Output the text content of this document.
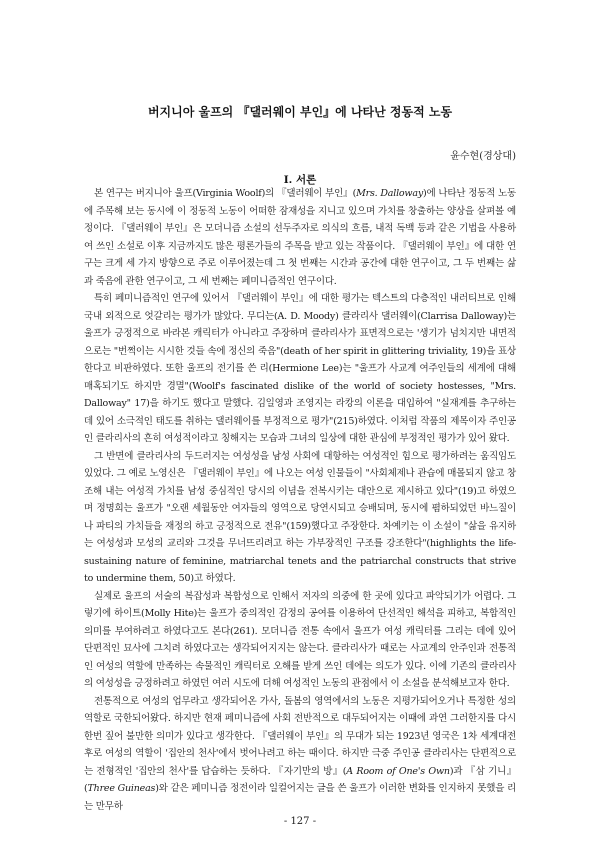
버지니아 울프의 『댈러웨이 부인』에 나타난 정동적 노동
윤수현(경상대)
I. 서론

본 연구는 버지니아 울프(Virginia Woolf)의 『댈러웨이 부인』(Mrs. Dalloway)에 나타난 정동적 노동에 주목해 보는 동시에 이 정동적 노동이 어떠한 잠재성을 지니고 있으며 가치를 창출하는 양상을 살펴볼 예정이다. 『댈러웨이 부인』은 모더니즘 소설의 선두주자로 의식의 흐름, 내적 독백 등과 같은 기법을 사용하여 쓰인 소설로 이후 지금까지도 많은 평론가들의 주목을 받고 있는 작품이다. 『댈러웨이 부인』에 대한 연구는 크게 세 가지 방향으로 주로 이루어졌는데 그 첫 번째는 시간과 공간에 대한 연구이고, 그 두 번째는 삶과 죽음에 관한 연구이고, 그 세 번째는 페미니즘적인 연구이다.

특히 페미니즘적인 연구에 있어서 『댈러웨이 부인』에 대한 평가는 텍스트의 다층적인 내러티브로 인해 국내 외적으로 엇갈리는 평가가 많았다. 무디는(A. D. Moody) 클라리사 댈러웨이(Clarrisa Dalloway)는 울프가 긍정적으로 바라본 캐릭터가 아니라고 주장하며 클라리사가 표면적으로는 '생기가 넘치지만 내면적으로는 "번쩍이는 시시한 것들 속에 정신의 죽음"(death of her spirit in glittering triviality, 19)을 표상한다고 비판하였다. 또한 울프의 전기를 쓴 리(Hermione Lee)는 "울프가 사교계 여주인들의 세계에 대해 매혹되기도 하지만 경멸"(Woolf's fascinated dislike of the world of society hostesses, "Mrs. Dalloway" 17)을 하기도 했다고 말했다. 김일영과 조영지는 라캉의 이론을 대입하여 "실재계를 추구하는데 있어 소극적인 태도를 취하는 댈러웨이를 부정적으로 평가"(215)하였다. 이처럼 작품의 제목이자 주인공인 클라리사의 흔히 여성적이라고 칭해지는 모습과 그녀의 일상에 대한 관심에 부정적인 평가가 있어 왔다.

그 반면에 클라리사의 두드러지는 여성성을 남성 사회에 대항하는 여성적인 힘으로 평가하려는 움직임도 있었다. 그 예로 노영신은 『댈러웨이 부인』에 나오는 여성 인물들이 "사회체제나 관습에 매몰되지 않고 창조해 내는 여성적 가치를 남성 중심적인 당시의 이념을 전복시키는 대안으로 제시하고 있다"(19)고 하였으며 정명희는 울프가 "오랜 세월동안 여자들의 영역으로 당연시되고 승배되며, 동시에 폄하되었던 바느질이나 파티의 가치들을 재정의 하고 긍정적으로 전유"(159)했다고 주장한다. 차예키는 이 소설이 "삶을 유지하는 여성성과 모성의 교리와 그것을 무너뜨리려고 하는 가부장적인 구조를 강조한다"(highlights the life-sustaining nature of feminine, matriarchal tenets and the patriarchal constructs that strive to undermine them, 50)고 하였다.

실제로 울프의 서술의 복잡성과 복합성으로 인해서 저자의 의중에 한 곳에 있다고 파악되기가 어렵다. 그렇기에 하이트(Molly Hite)는 울프가 중의적인 감정의 공여를 이용하여 단선적인 해석을 피하고, 복합적인 의미를 부여하려고 하였다고도 본다(261). 모더니즘 전통 속에서 울프가 여성 캐릭터를 그리는 데에 있어 단편적인 묘사에 그치려 하였다고는 생각되어지지는 않는다. 클라리사가 때로는 사교계의 안주인과 전통적인 여성의 역할에 만족하는 속물적인 캐릭터로 오해를 받게 쓰인 데에는 의도가 있다. 이에 기존의 클라리사의 여성성을 긍정하려고 하였던 여러 시도에 더해 여성적인 노동의 관점에서 이 소설을 분석해보고자 한다.

전통적으로 여성의 업무라고 생각되어온 가사, 돌봄의 영역에서의 노동은 지평가되어오거나 특정한 성의 역할로 국한되어왔다. 하지만 현재 페미니즘에 사회 전반적으로 대두되어지는 이때에 과연 그러한지를 다시 한번 짚어 불만한 의미가 있다고 생각한다. 『댈러웨이 부인』의 무대가 되는 1923년 영국은 1차 세계대전 후로 여성의 역할이 '집안의 천사'에서 벗어나려고 하는 때이다. 하지만 극중 주인공 클라리사는 단편적으로는 전형적인 '집안의 천사'를 답습하는 듯하다. 『자기만의 방』(A Room of One's Own)과 『삼 기니』(Three Guineas)와 같은 페미니즘 정전이라 일컬어지는 글을 쓴 울프가 이러한 변화를 인지하지 못했을 리는 만무하

- 127 -
